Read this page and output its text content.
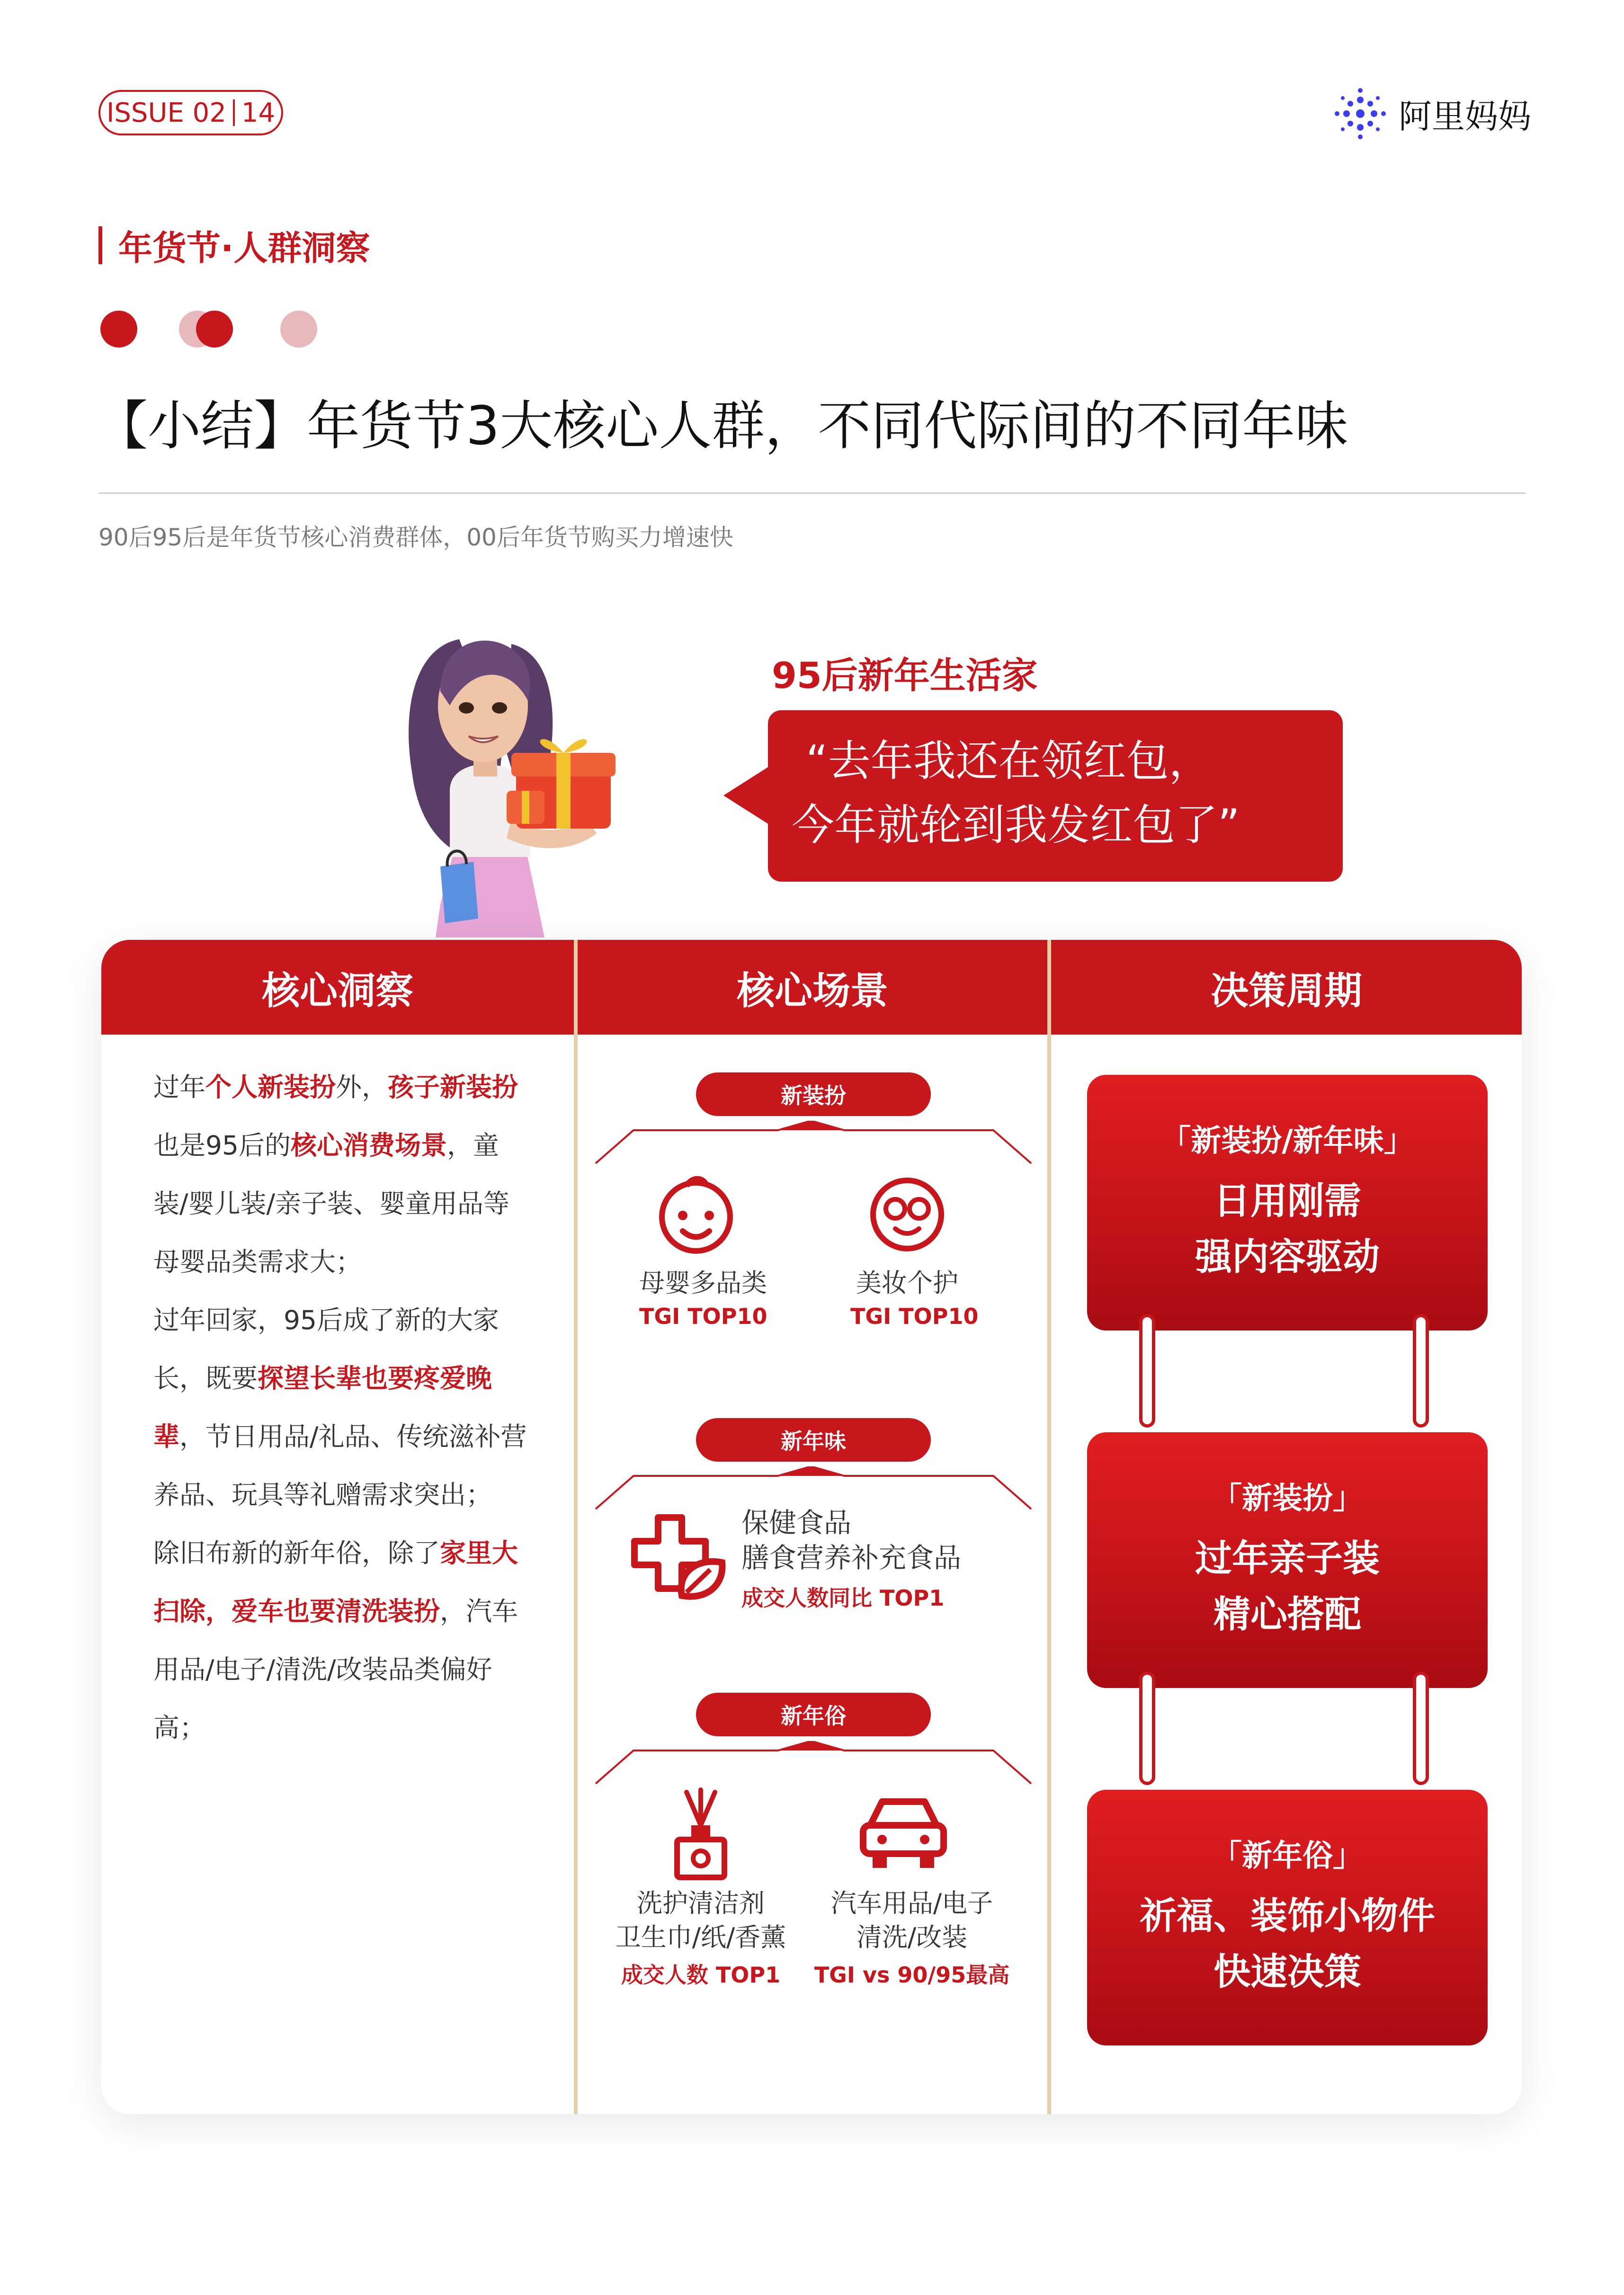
ISSUE 02 14	阿里妈妈
年货节·人群洞察
【小结】年货节3大核心人群，不同代际间的不同年味
90后95后是年货节核心消费群体，00后年货节购买力增速快
95后新年生活家
“去年我还在领红包，
今年就轮到我发红包了”
核心洞察	核心场景	决策周期

过年个人新装扮外，孩子新装扮也是95后的核心消费场景，童装/婴儿装/亲子装、婴童用品等母婴品类需求大；

过年回家，95后成了新的大家长，既要探望长辈也要疼爱晚辈，节日用品/礼品、传统滋补营养品、玩具等礼赠需求突出；

除旧布新的新年俗，除了家里大扫除，爱车也要清洗装扮，汽车用品/电子/清洗/改装品类偏好高；

新装扮
母婴多品类
TGI TOP10
美妆个护
TGI TOP10
新年味
保健食品
膳食营养补充食品
成交人数同比 TOP1
新年俗
洗护清洁剂
卫生巾/纸/香薰
成交人数 TOP1
汽车用品/电子
清洗/改装
TGI vs 90/95最高
「新装扮/新年味」
日用刚需
强内容驱动
「新装扮」
过年亲子装
精心搭配
「新年俗」
祈福、装饰小物件
快速决策
